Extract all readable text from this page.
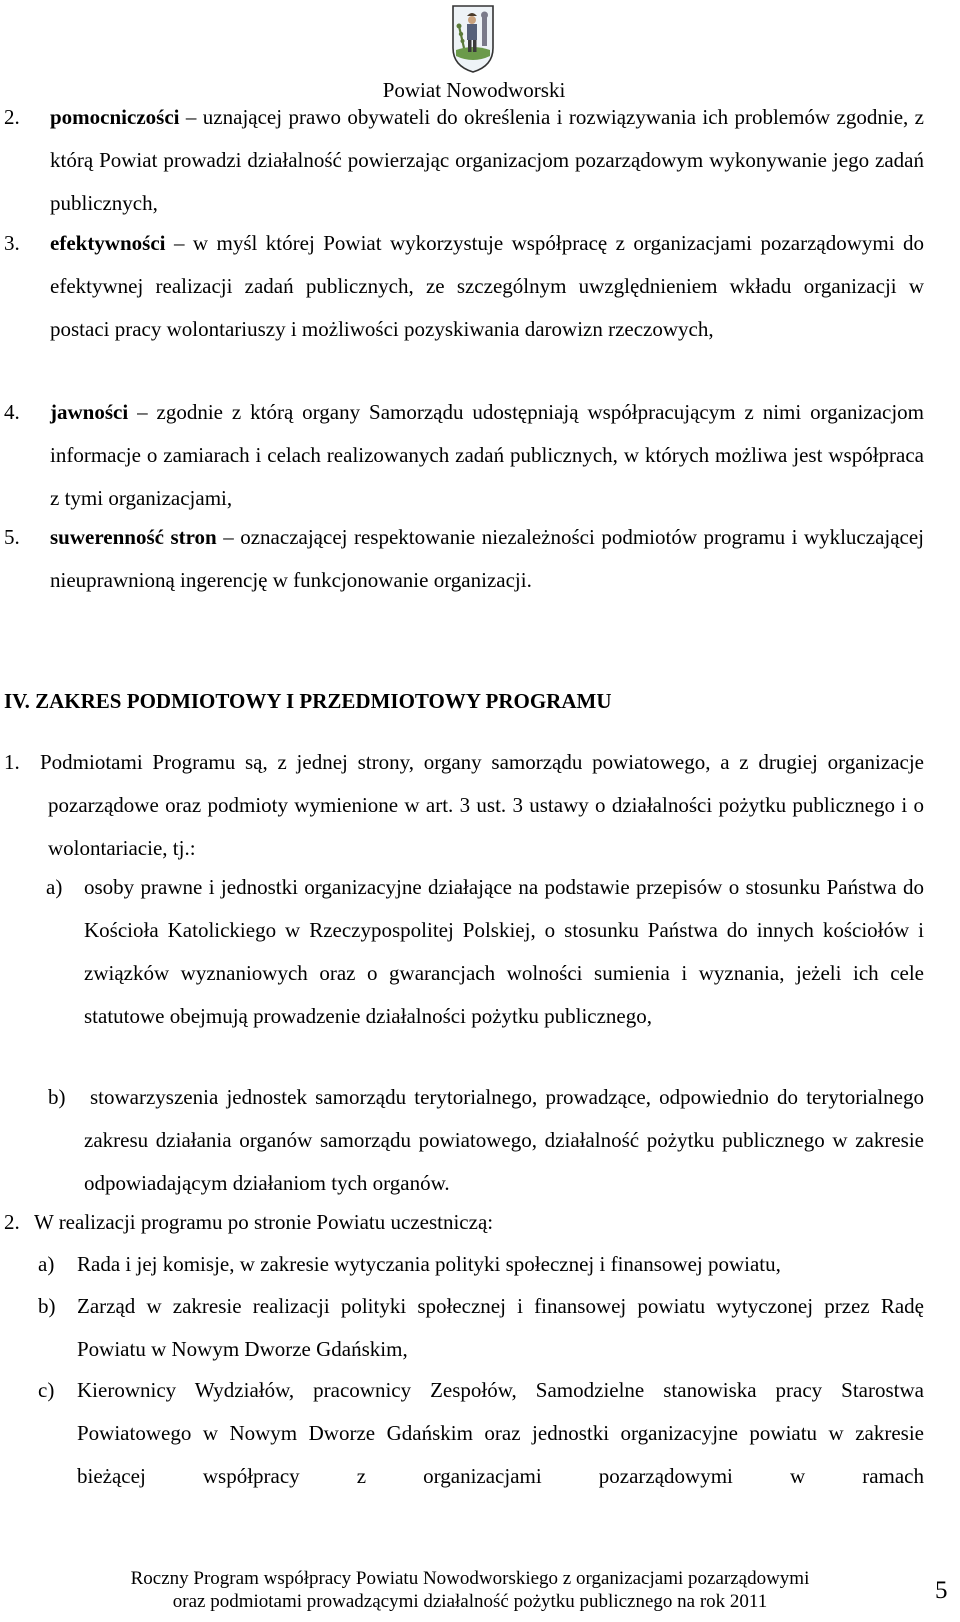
Powiat Nowodworski
2. pomocniczości – uznającej prawo obywateli do określenia i rozwiązywania ich problemów zgodnie, z którą Powiat prowadzi działalność powierzając organizacjom pozarządowym wykonywanie jego zadań publicznych,
3. efektywności – w myśl której Powiat wykorzystuje współpracę z organizacjami pozarządowymi do efektywnej realizacji zadań publicznych, ze szczególnym uwzględnieniem wkładu organizacji w postaci pracy wolontariuszy i możliwości pozyskiwania darowizn rzeczowych,
4. jawności – zgodnie z którą organy Samorządu udostępniają współpracującym z nimi organizacjom informacje o zamiarach i celach realizowanych zadań publicznych, w których możliwa jest współpraca z tymi organizacjami,
5. suwerenność stron – oznaczającej respektowanie niezależności podmiotów programu i wykluczającej nieuprawnioną ingerencję w funkcjonowanie organizacji.
IV. ZAKRES PODMIOTOWY I PRZEDMIOTOWY PROGRAMU
1. Podmiotami Programu są, z jednej strony, organy samorządu powiatowego, a z drugiej organizacje pozarządowe oraz podmioty wymienione w art. 3 ust. 3 ustawy o działalności pożytku publicznego i o wolontariacie, tj.:
a) osoby prawne i jednostki organizacyjne działające na podstawie przepisów o stosunku Państwa do Kościoła Katolickiego w Rzeczypospolitej Polskiej, o stosunku Państwa do innych kościołów i związków wyznaniowych oraz o gwarancjach wolności sumienia i wyznania, jeżeli ich cele statutowe obejmują prowadzenie działalności pożytku publicznego,
b) stowarzyszenia jednostek samorządu terytorialnego, prowadzące, odpowiednio do terytorialnego zakresu działania organów samorządu powiatowego, działalność pożytku publicznego w zakresie odpowiadającym działaniom tych organów.
2. W realizacji programu po stronie Powiatu uczestniczą:
a) Rada i jej komisje, w zakresie wytyczania polityki społecznej i finansowej powiatu,
b) Zarząd w zakresie realizacji polityki społecznej i finansowej powiatu wytyczonej przez Radę Powiatu w Nowym Dworze Gdańskim,
c) Kierownicy Wydziałów, pracownicy Zespołów, Samodzielne stanowiska pracy Starostwa Powiatowego w Nowym Dworze Gdańskim oraz jednostki organizacyjne powiatu w zakresie bieżącej współpracy z organizacjami pozarządowymi w ramach
Roczny Program współpracy Powiatu Nowodworskiego z organizacjami pozarządowymi
oraz podmiotami prowadzącymi działalność pożytku publicznego na rok 2011	5
